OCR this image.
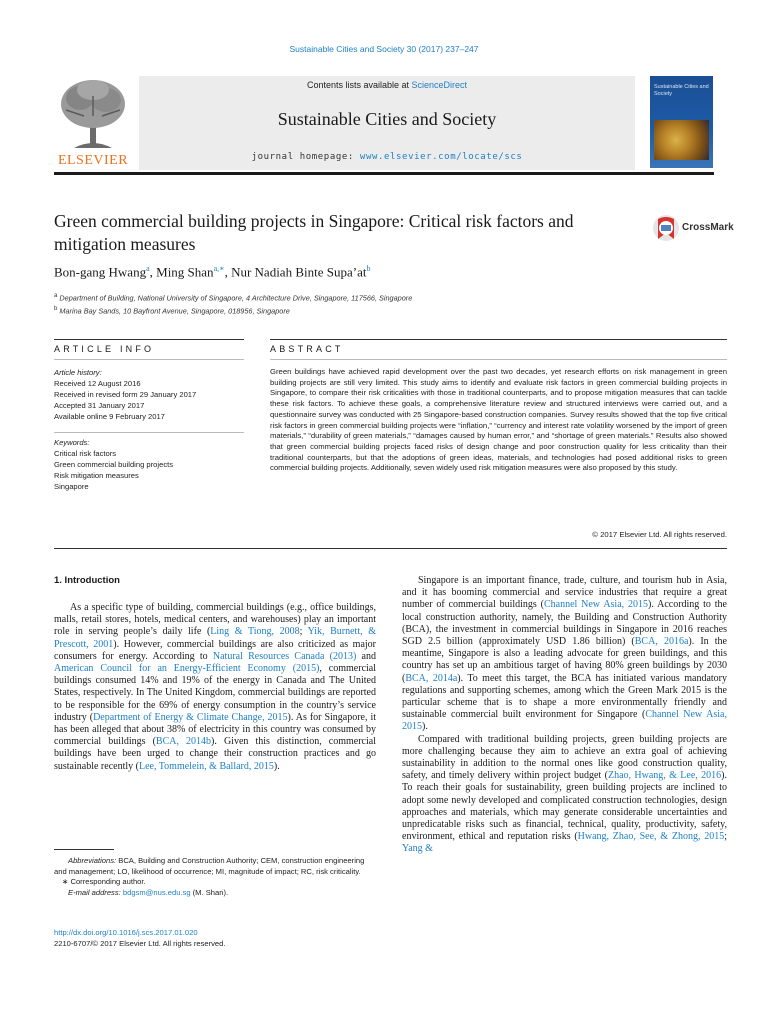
Sustainable Cities and Society 30 (2017) 237–247
ELSEVIER
Contents lists available at ScienceDirect
Sustainable Cities and Society
journal homepage: www.elsevier.com/locate/scs
Sustainable Cities and Society
Green commercial building projects in Singapore: Critical risk factors and mitigation measures
CrossMark
Bon-gang Hwang$^a$, Ming Shan$^{a,∗}$, Nur Nadiah Binte $Supa’at^b$
$^a$ Department of Building, National University of Singapore, 4 Architecture Drive, Singapore, 117566, Singapore
$^b$ Marina Bay Sands, 10 Bayfront Avenue, Singapore, 018956, Singapore
ARTICLE INFO	ABSTRACT
Article history:
Received 12 August 2016
Received in revised form 29 January 2017
Accepted 31 January 2017
Available online 9 February 2017
Keywords:
Critical risk factors
Green commercial building projects
Risk mitigation measures
Singapore
Green buildings have achieved rapid development over the past two decades, yet research efforts on risk management in green building projects are still very limited. This study aims to identify and evaluate risk factors in green commercial building projects in Singapore, to compare their risk criticalities with those in traditional counterparts, and to propose mitigation measures that can tackle these risk factors. To achieve these goals, a comprehensive literature review and structured interviews were carried out, and a questionnaire survey was conducted with 25 Singapore-based construction companies. Survey results showed that the top five critical risk factors in green commercial building projects were “inflation,” “currency and interest rate volatility worsened by the import of green materials,” “durability of green materials,” “damages caused by human error,” and “shortage of green materials.” Results also showed that green commercial building projects faced risks of design change and poor construction quality for less criticality than their traditional counterparts, but that the adoptions of green ideas, materials, and technologies had posed additional risks to green commercial building projects. Additionally, seven widely used risk mitigation measures were also proposed by this study.
© 2017 Elsevier Ltd. All rights reserved.
1. Introduction

As a specific type of building, commercial buildings (e.g., office buildings, malls, retail stores, hotels, medical centers, and warehouses) play an important role in serving people’s daily life (Ling & Tiong, 2008; Yik, Burnett, & Prescott, 2001). However, commercial buildings are also criticized as major consumers for energy. According to Natural Resources Canada (2013) and American Council for an Energy-Efficient Economy (2015), commercial buildings consumed 14% and 19% of the energy in Canada and The United States, respectively. In The United Kingdom, commercial buildings are reported to be responsible for the 69% of energy consumption in the country’s service industry (Department of Energy & Climate Change, 2015). As for Singapore, it has been alleged that about 38% of electricity in this country was consumed by commercial buildings (BCA, 2014b). Given this distinction, commercial buildings have been urged to change their construction practices and go sustainable recently (Lee, Tommelein, & Ballard, 2015).

Singapore is an important finance, trade, culture, and tourism hub in Asia, and it has booming commercial and service industries that require a great number of commercial buildings (Channel New Asia, 2015). According to the local construction authority, namely, the Building and Construction Authority (BCA), the investment in commercial buildings in Singapore in 2016 reaches SGD 2.5 billion (approximately USD 1.86 billion) (BCA, 2016a). In the meantime, Singapore is also a leading advocate for green buildings, and this country has set up an ambitious target of having 80% green buildings by 2030 (BCA, 2014a). To meet this target, the BCA has initiated various mandatory regulations and supporting schemes, among which the Green Mark 2015 is the particular scheme that is to shape a more environmentally friendly and sustainable commercial built environment for Singapore (Channel New Asia, 2015).

Compared with traditional building projects, green building projects are more challenging because they aim to achieve an extra goal of achieving sustainability in addition to the normal ones like good construction quality, safety, and timely delivery within project budget (Zhao, Hwang, & Lee, 2016). To reach their goals for sustainability, green building projects are inclined to adopt some newly developed and complicated construction technologies, design approaches and materials, which may generate considerable uncertainties and unpredicatable risks such as financial, technical, quality, productivity, safety, environment, ethical and reputation risks (Hwang, Zhao, See, & Zhong, 2015; Yang &

Abbreviations: BCA, Building and Construction Authority; CEM, construction engineering and management; LO, likelihood of occurrence; MI, magnitude of impact; RC, risk criticality.
∗ Corresponding author.
E-mail address: bdgsm@nus.edu.sg (M. Shan).
http://dx.doi.org/10.1016/j.scs.2017.01.020
2210-6707/© 2017 Elsevier Ltd. All rights reserved.
